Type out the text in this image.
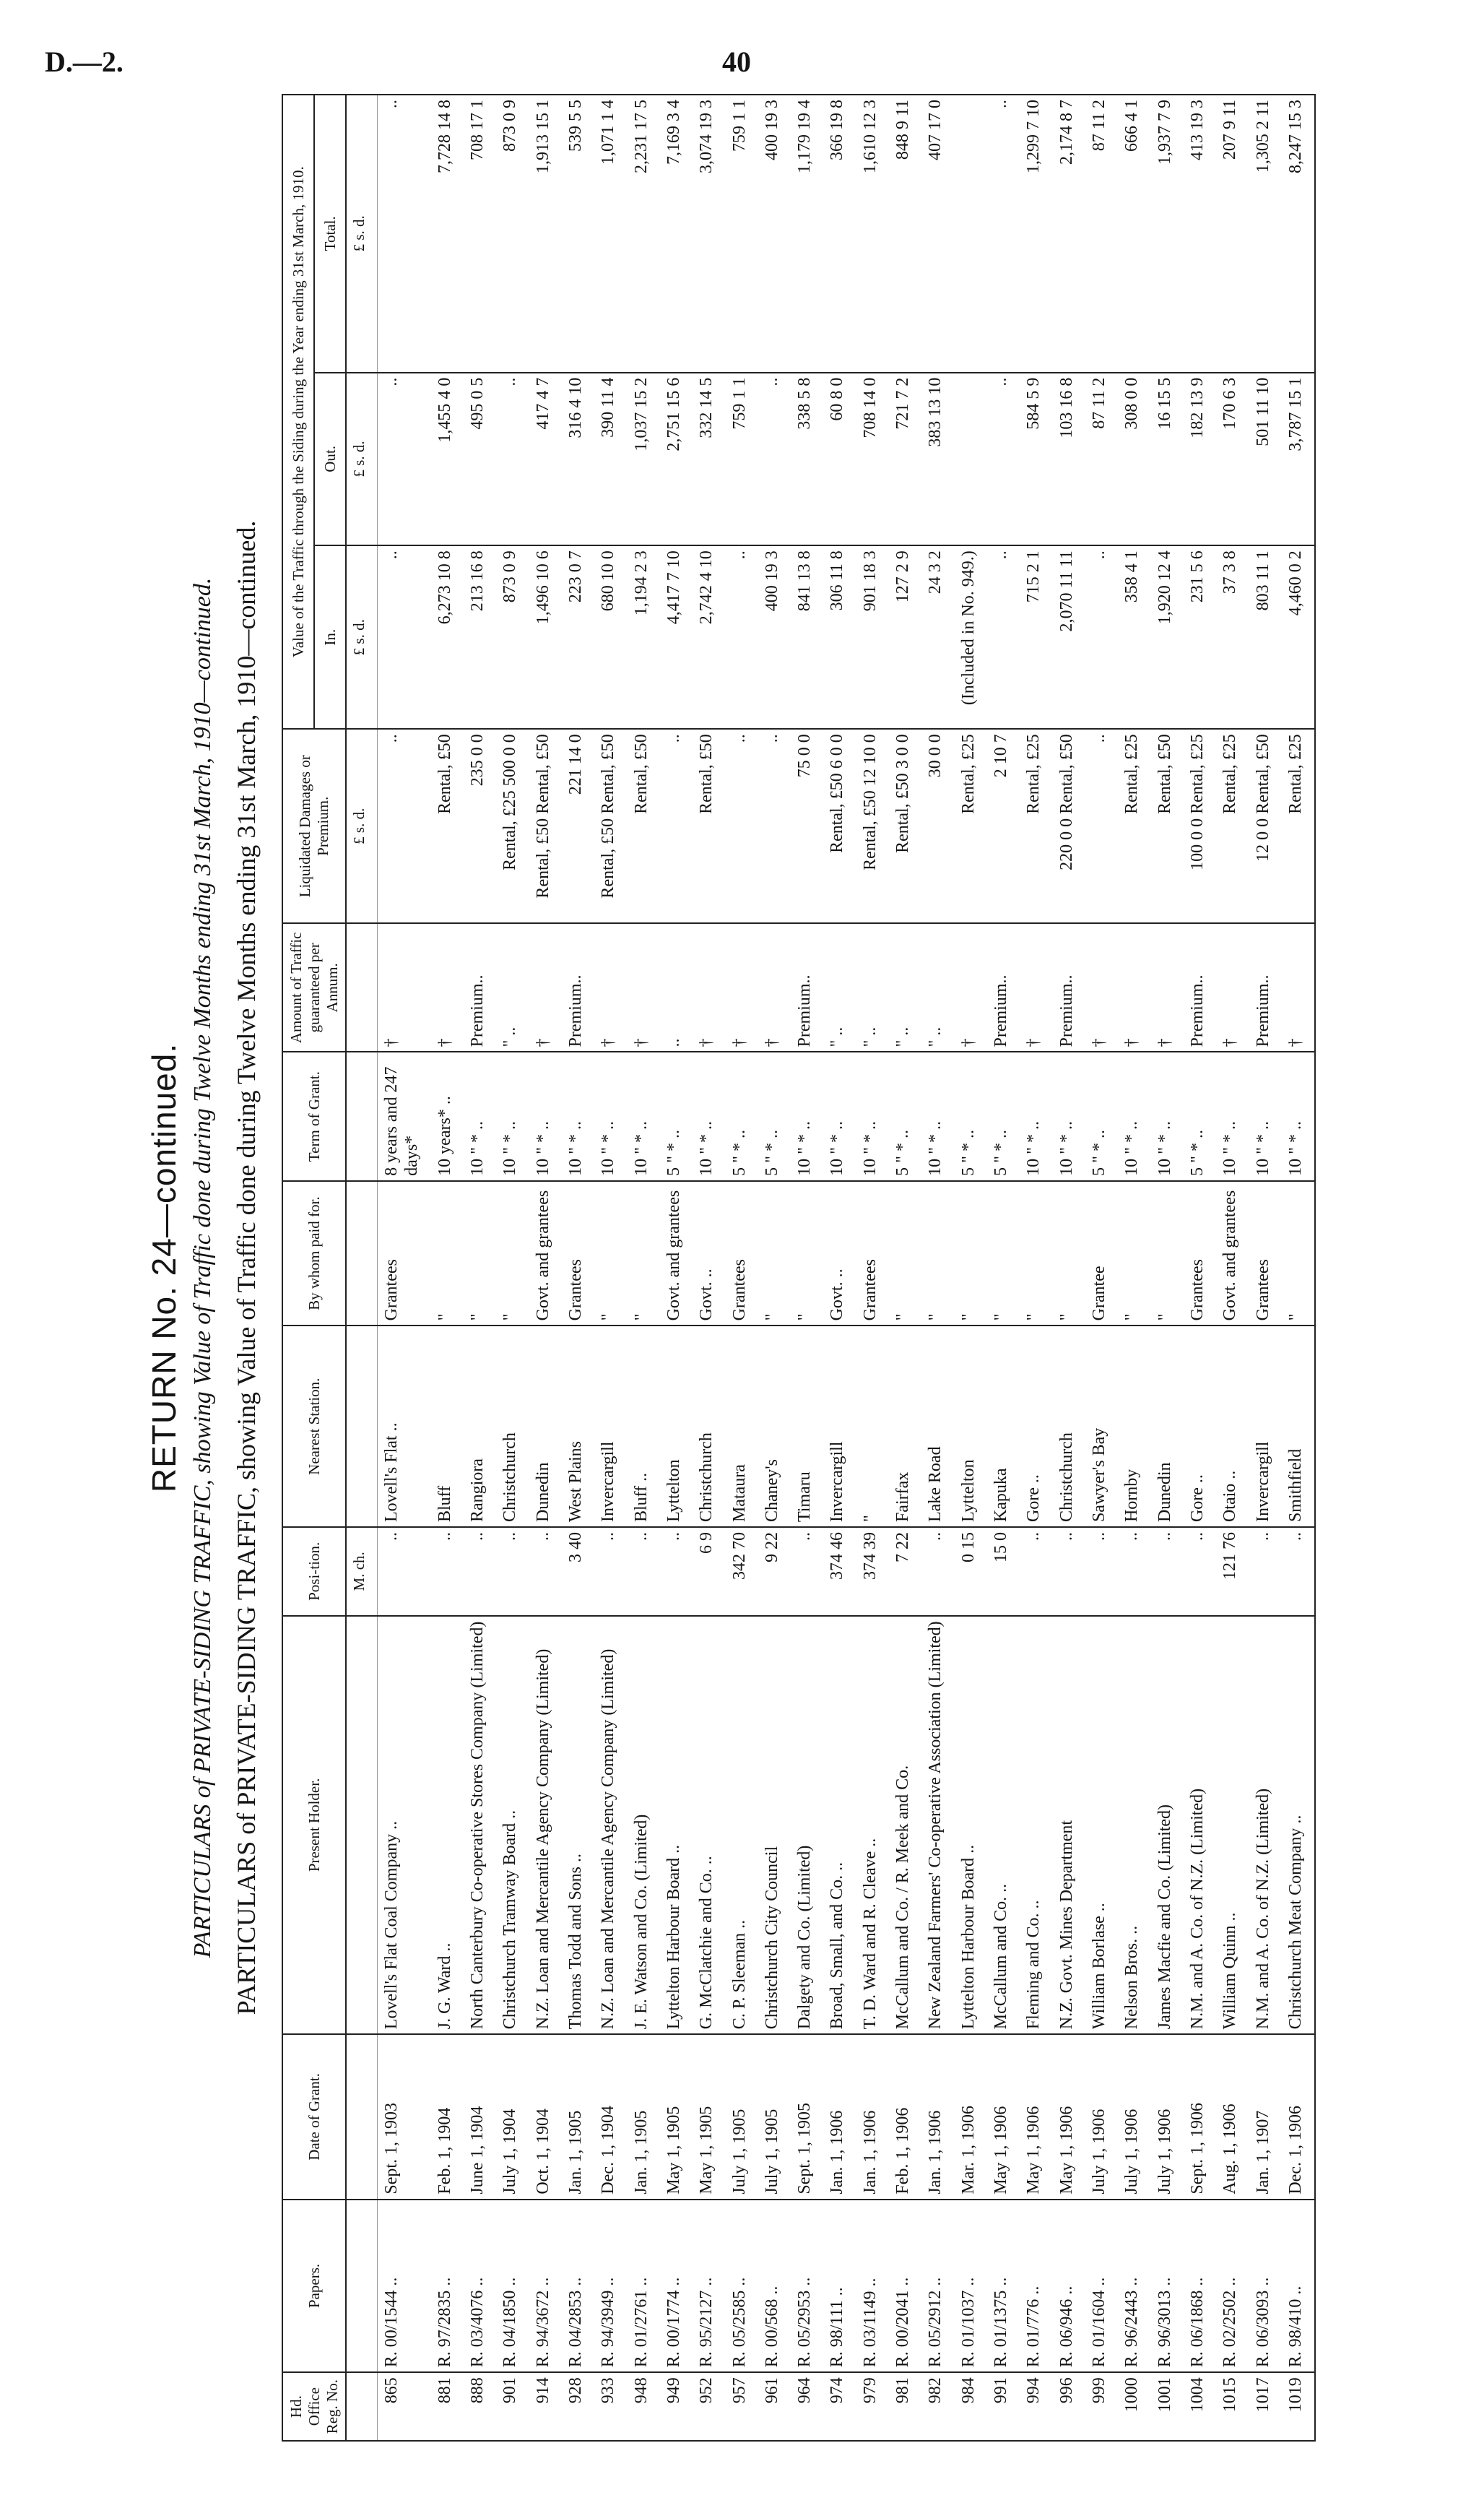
D.—2.	40
RETURN No. 24—continued. PARTICULARS of PRIVATE-SIDING TRAFFIC, showing Value of Traffic done during Twelve Months ending 31st March, 1910—continued. PARTICULARS of PRIVATE-SIDING TRAFFIC, showing Value of Traffic done during Twelve Months ending 31st March, 1910—continued.
Hd. Office Reg. No.	Papers.	Date of Grant.	Present Holder.	Posi-tion.	Nearest Station.	By whom paid for.	Term of Grant.	Amount of Traffic guaranteed per Annum.	Liquidated Damages or Premium.	Value of the Traffic through the Siding during the Year ending 31st March, 1910.		
										In.	Out.	Total.
				M. ch.					£ s. d.	£ s. d.	£ s. d.	£ s. d.
865	R. 00/1544 ..	Sept. 1, 1903	Lovell's Flat Coal Company ..	..	Lovell's Flat ..	Grantees	8 years and 247 days*	†	..	..	..	..
881	R. 97/2835 ..	Feb. 1, 1904	J. G. Ward ..	..	Bluff	"	10 years* ..	†	Rental, £50	6,273 10 8	1,455 4 0	7,728 14 8
888	R. 03/4076 ..	June 1, 1904	North Canterbury Co-operative Stores Company (Limited)	..	Rangiora	"	10 " * ..	Premium..	235 0 0	213 16 8	495 0 5	708 17 1
901	R. 04/1850 ..	July 1, 1904	Christchurch Tramway Board ..	..	Christchurch	"	10 " * ..	" ..	Rental, £25 500 0 0	873 0 9	..	873 0 9
914	R. 94/3672 ..	Oct. 1, 1904	N.Z. Loan and Mercantile Agency Company (Limited)	..	Dunedin	Govt. and grantees	10 " * ..	†	Rental, £50 Rental, £50	1,496 10 6	417 4 7	1,913 15 1
928	R. 04/2853 ..	Jan. 1, 1905	Thomas Todd and Sons ..	3 40	West Plains	Grantees	10 " * ..	Premium..	221 14 0	223 0 7	316 4 10	539 5 5
933	R. 94/3949 ..	Dec. 1, 1904	N.Z. Loan and Mercantile Agency Company (Limited)	..	Invercargill	"	10 " * ..	†	Rental, £50 Rental, £50	680 10 0	390 11 4	1,071 1 4
948	R. 01/2761 ..	Jan. 1, 1905	J. E. Watson and Co. (Limited)	..	Bluff ..	"	10 " * ..	†	Rental, £50	1,194 2 3	1,037 15 2	2,231 17 5
949	R. 00/1774 ..	May 1, 1905	Lyttelton Harbour Board ..	..	Lyttelton	Govt. and grantees	5 " * ..	..	..	4,417 7 10	2,751 15 6	7,169 3 4
952	R. 95/2127 ..	May 1, 1905	G. McClatchie and Co. ..	6 9	Christchurch	Govt. ..	10 " * ..	†	Rental, £50	2,742 4 10	332 14 5	3,074 19 3
957	R. 05/2585 ..	July 1, 1905	C. P. Sleeman ..	342 70	Mataura	Grantees	5 " * ..	†	..	..	759 1 1	759 1 1
961	R. 00/568 ..	July 1, 1905	Christchurch City Council	9 22	Chaney's	"	5 " * ..	†	..	400 19 3	..	400 19 3
964	R. 05/2953 ..	Sept. 1, 1905	Dalgety and Co. (Limited)	..	Timaru	"	10 " * ..	Premium..	75 0 0	841 13 8	338 5 8	1,179 19 4
974	R. 98/111 ..	Jan. 1, 1906	Broad, Small, and Co. ..	374 46	Invercargill	Govt. ..	10 " * ..	" ..	Rental, £50 6 0 0	306 11 8	60 8 0	366 19 8
979	R. 03/1149 ..	Jan. 1, 1906	T. D. Ward and R. Cleave ..	374 39	"	Grantees	10 " * ..	" ..	Rental, £50 12 10 0	901 18 3	708 14 0	1,610 12 3
981	R. 00/2041 ..	Feb. 1, 1906	McCallum and Co. / R. Meek and Co.	7 22	Fairfax	"	5 " * ..	" ..	Rental, £50 3 0 0	127 2 9	721 7 2	848 9 11
982	R. 05/2912 ..	Jan. 1, 1906	New Zealand Farmers' Co-operative Association (Limited)	..	Lake Road	"	10 " * ..	" ..	30 0 0	24 3 2	383 13 10	407 17 0
984	R. 01/1037 ..	Mar. 1, 1906	Lyttelton Harbour Board ..	0 15	Lyttelton	"	5 " * ..	†	Rental, £25	(Included in No. 949.)		
991	R. 01/1375 ..	May 1, 1906	McCallum and Co. ..	15 0	Kapuka	"	5 " * ..	Premium..	2 10 7	..	..	..
994	R. 01/776 ..	May 1, 1906	Fleming and Co. ..	..	Gore ..	"	10 " * ..	†	Rental, £25	715 2 1	584 5 9	1,299 7 10
996	R. 06/946 ..	May 1, 1906	N.Z. Govt. Mines Department	..	Christchurch	"	10 " * ..	Premium..	220 0 0 Rental, £50	2,070 11 11	103 16 8	2,174 8 7
999	R. 01/1604 ..	July 1, 1906	William Borlase ..	..	Sawyer's Bay	Grantee	5 " * ..	†	..	..	87 11 2	87 11 2
1000	R. 96/2443 ..	July 1, 1906	Nelson Bros. ..	..	Hornby	"	10 " * ..	†	Rental, £25	358 4 1	308 0 0	666 4 1
1001	R. 96/3013 ..	July 1, 1906	James Macfie and Co. (Limited)	..	Dunedin	"	10 " * ..	†	Rental, £50	1,920 12 4	16 15 5	1,937 7 9
1004	R. 06/1868 ..	Sept. 1, 1906	N.M. and A. Co. of N.Z. (Limited)	..	Gore ..	Grantees	5 " * ..	Premium..	100 0 0 Rental, £25	231 5 6	182 13 9	413 19 3
1015	R. 02/2502 ..	Aug. 1, 1906	William Quinn ..	121 76	Otaio ..	Govt. and grantees	10 " * ..	†	Rental, £25	37 3 8	170 6 3	207 9 11
1017	R. 06/3093 ..	Jan. 1, 1907	N.M. and A. Co. of N.Z. (Limited)	..	Invercargill	Grantees	10 " * ..	Premium..	12 0 0 Rental, £50	803 11 1	501 11 10	1,305 2 11
1019	R. 98/410 ..	Dec. 1, 1906	Christchurch Meat Company ..	..	Smithfield	"	10 " * ..	†	Rental, £25	4,460 0 2	3,787 15 1	8,247 15 3
